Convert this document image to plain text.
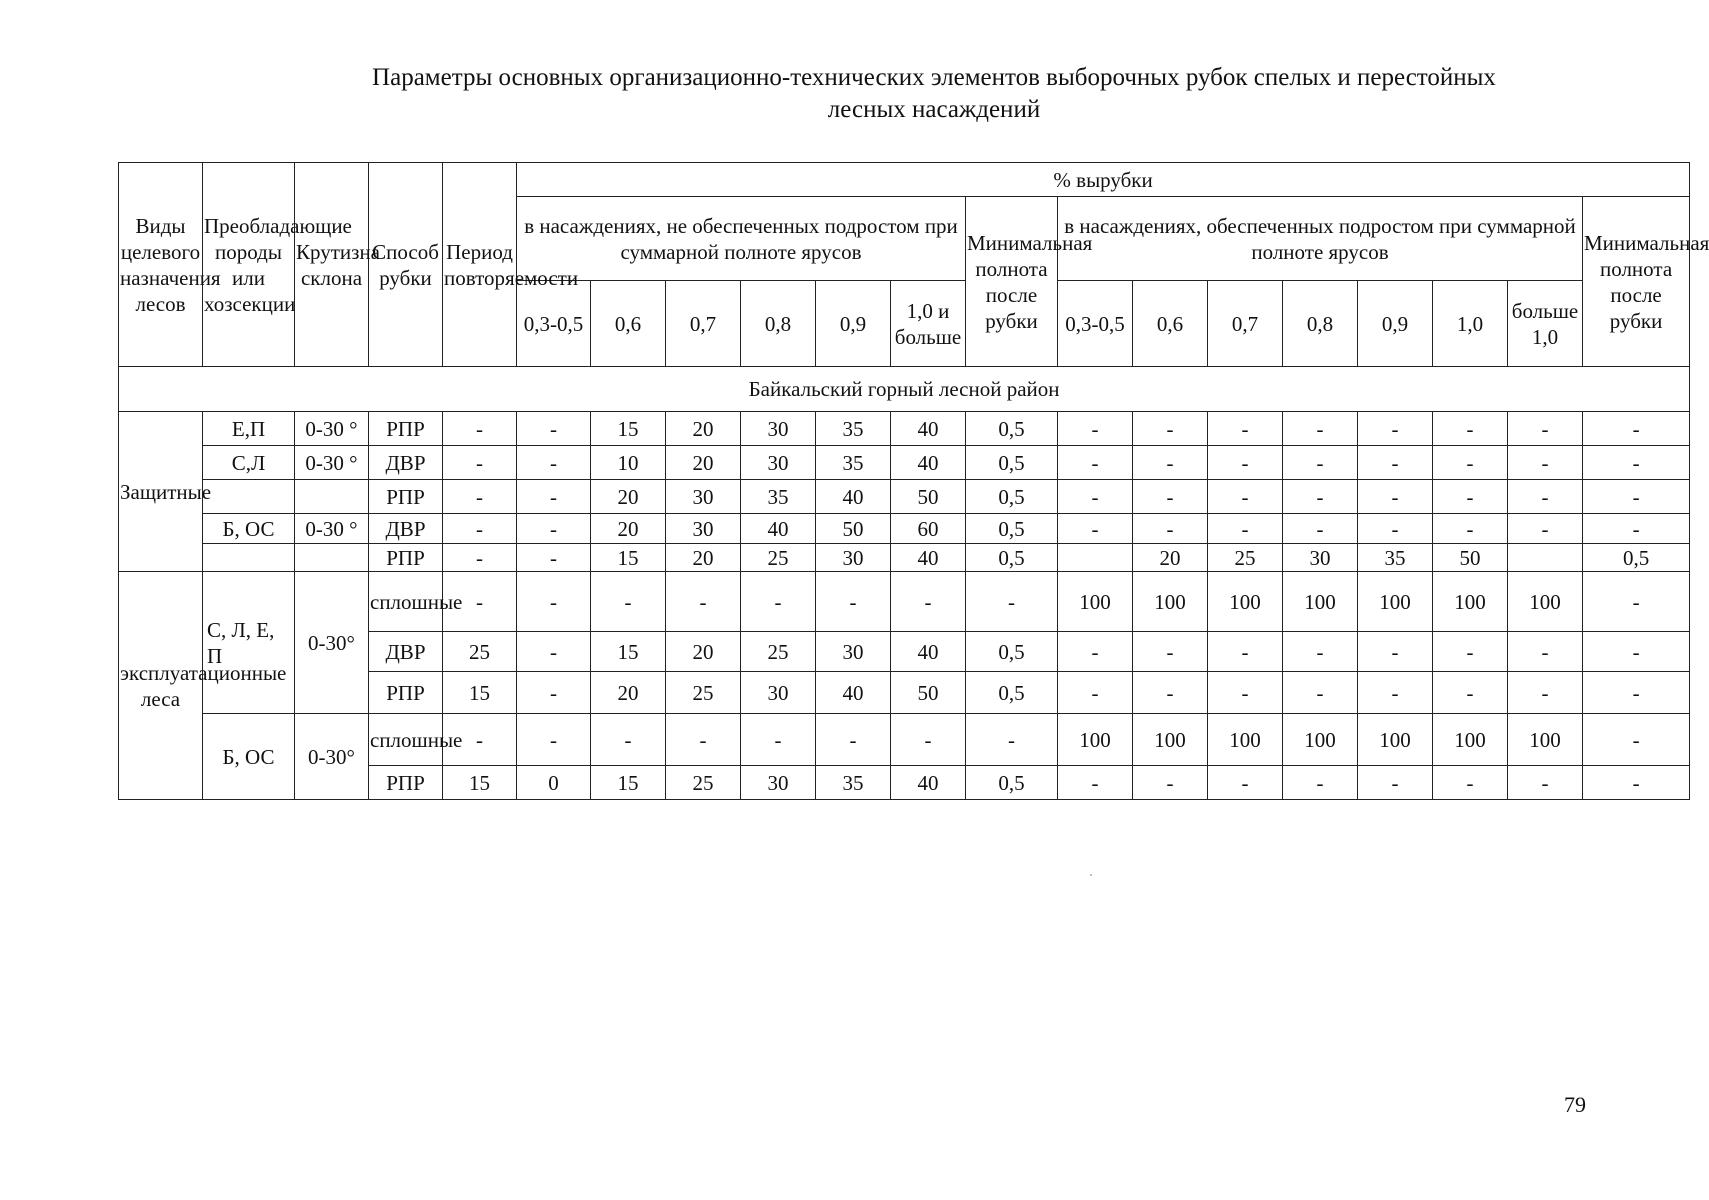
Параметры основных организационно-технических элементов выборочных рубок спелых и перестойных
лесных насаждений
Виды целевого назначения лесов	Преобладающие породы или хозсекции	Крутизна склона	Способ рубки	Период повторяемости	% вырубки														
					в насаждениях, не обеспеченных подростом при суммарной полноте ярусов						Минимальная полнота после рубки	в насаждениях, обеспеченных подростом при суммарной полноте ярусов							Минимальная полнота после рубки
					0,3-0,5	0,6	0,7	0,8	0,9	1,0 и больше		0,3-0,5	0,6	0,7	0,8	0,9	1,0	больше 1,0	
Байкальский горный лесной район																			
Защитные	Е,П	0-30 °	РПР	-	-	15	20	30	35	40	0,5	-	-	-	-	-	-	-	-
	С,Л	0-30 °	ДВР	-	-	10	20	30	35	40	0,5	-	-	-	-	-	-	-	-
			РПР	-	-	20	30	35	40	50	0,5	-	-	-	-	-	-	-	-
	Б, ОС	0-30 °	ДВР	-	-	20	30	40	50	60	0,5	-	-	-	-	-	-	-	-
			РПР	-	-	15	20	25	30	40	0,5		20	25	30	35	50		0,5
эксплуатационные леса	С, Л, Е, П	0-30°	сплошные	-	-	-	-	-	-	-	-	100	100	100	100	100	100	100	-
			ДВР	25	-	15	20	25	30	40	0,5	-	-	-	-	-	-	-	-
			РПР	15	-	20	25	30	40	50	0,5	-	-	-	-	-	-	-	-
	Б, ОС	0-30°	сплошные	-	-	-	-	-	-	-	-	100	100	100	100	100	100	100	-
			РПР	15	0	15	25	30	35	40	0,5	-	-	-	-	-	-	-	-
79
